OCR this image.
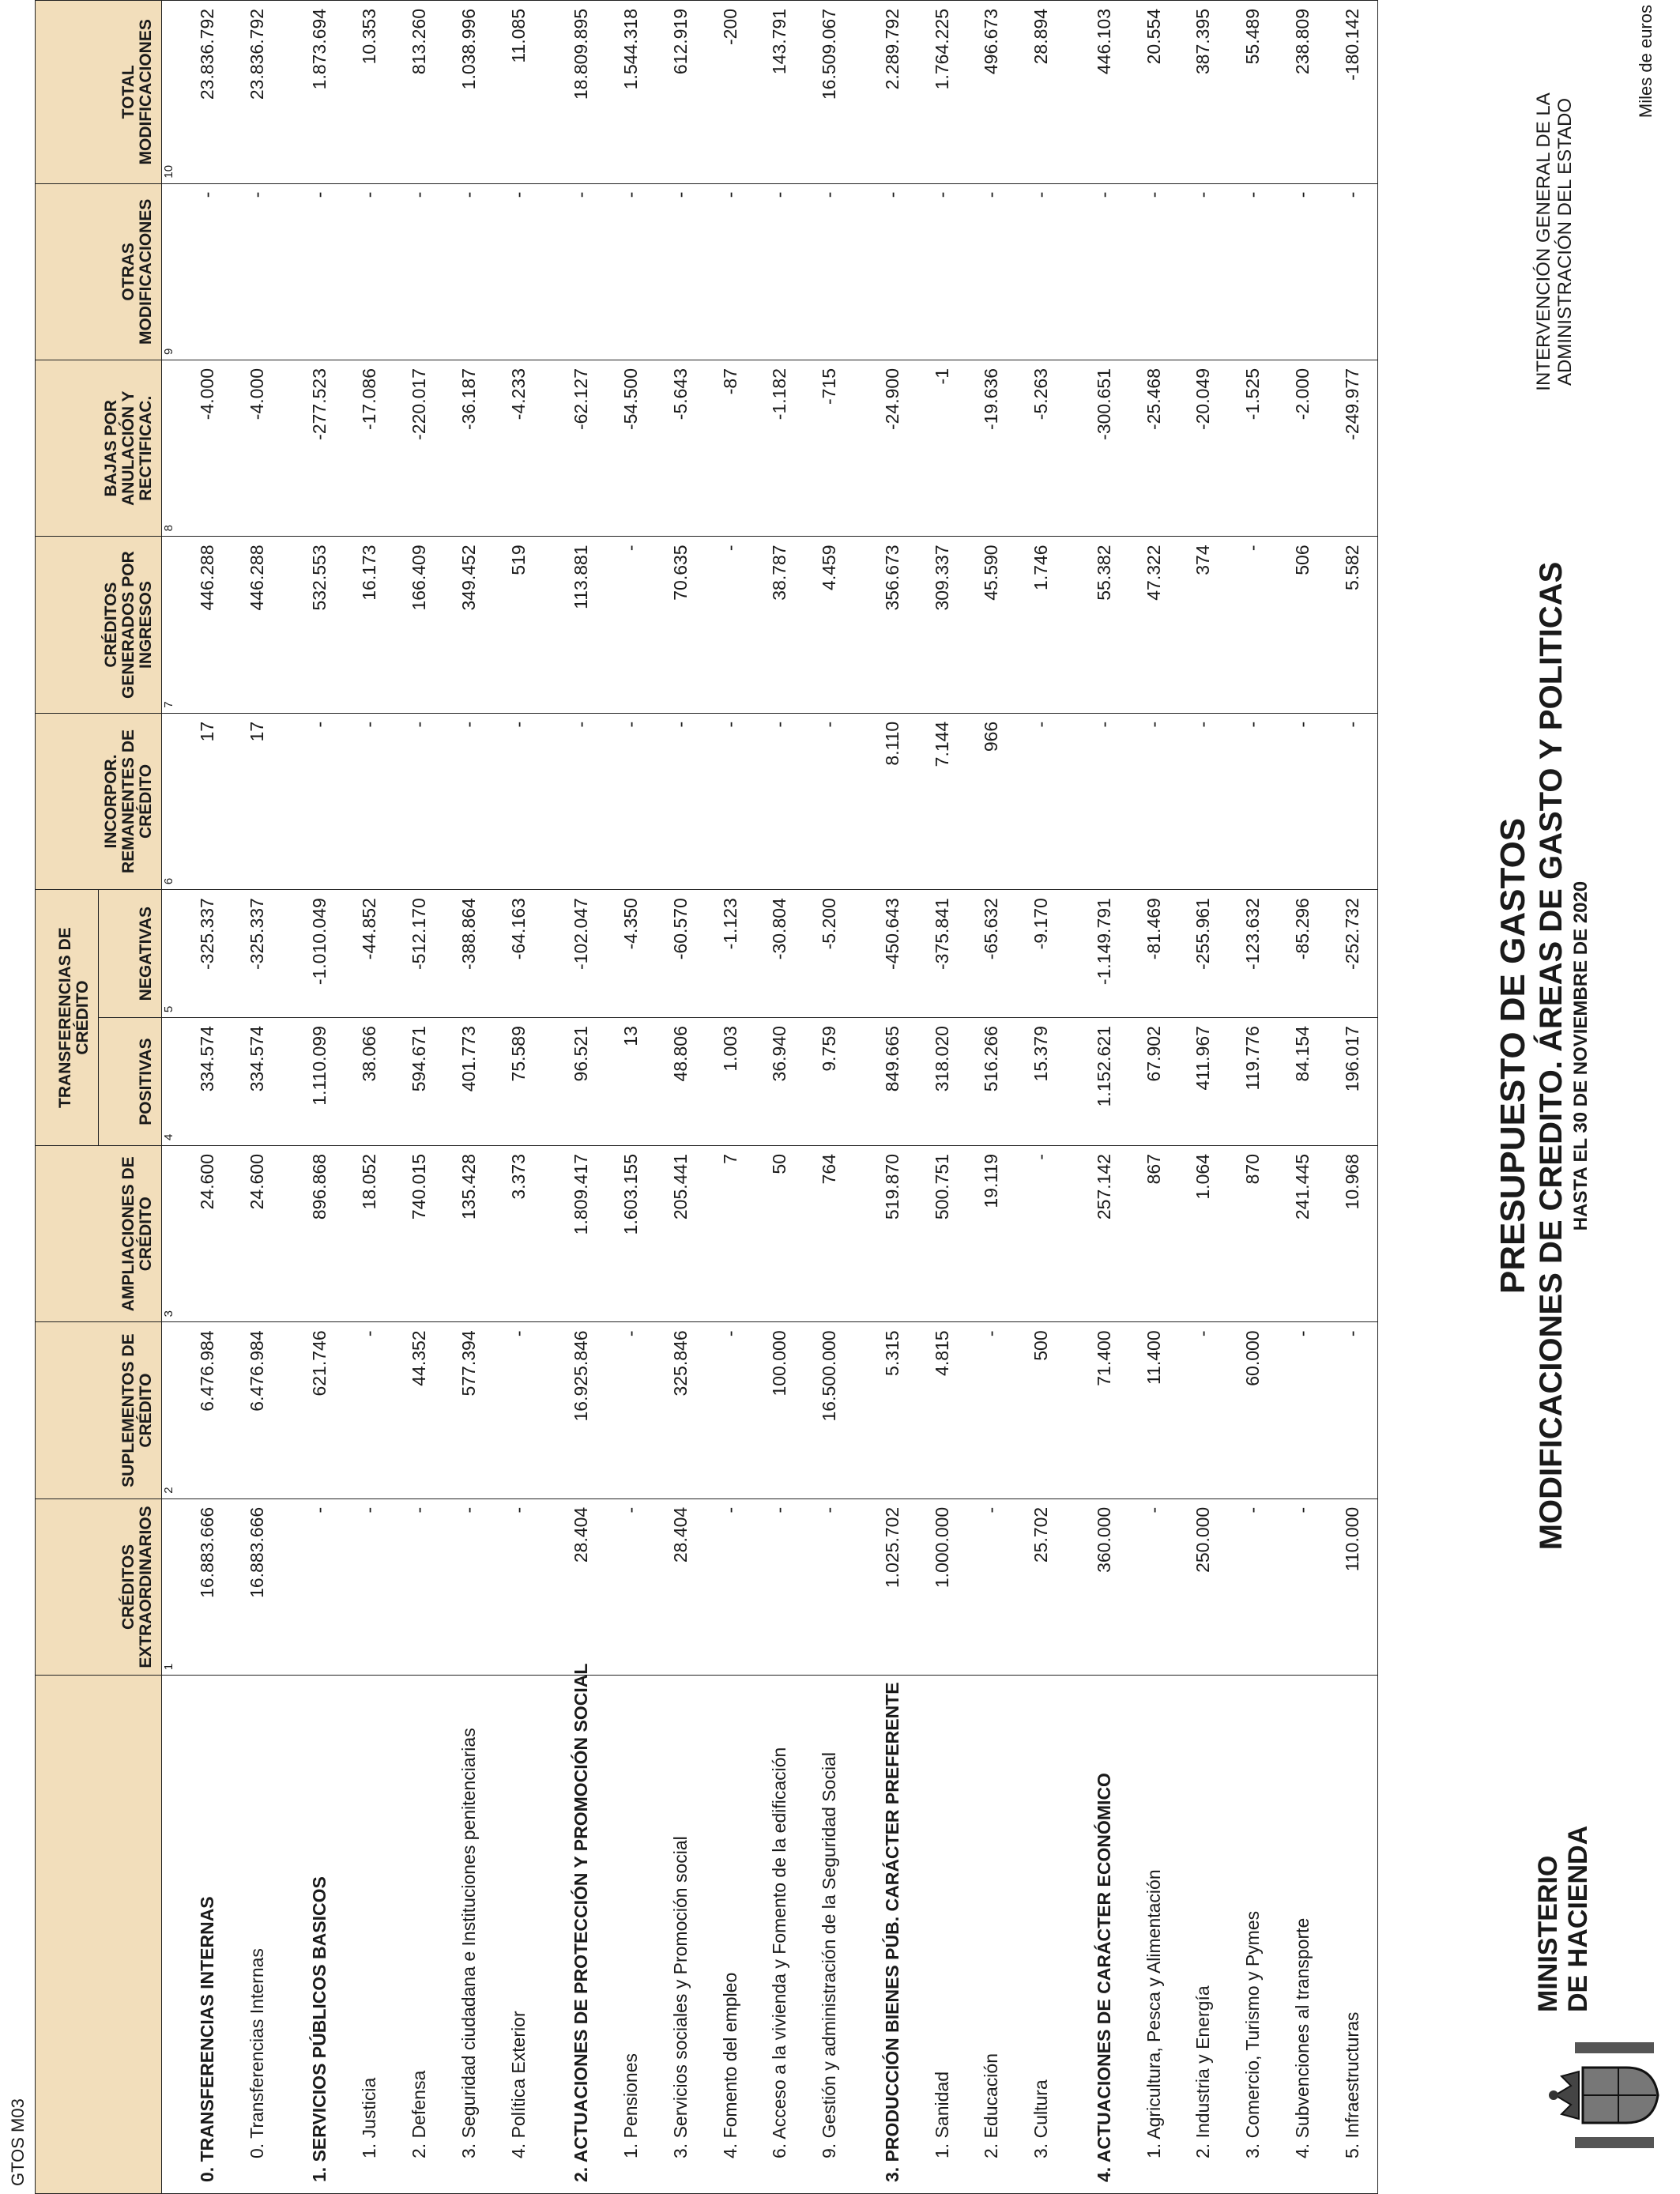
GTOS M03
	CRÉDITOS EXTRAORDINARIOS	SUPLEMENTOS DE CRÉDITO	AMPLIACIONES DE CRÉDITO	TRANSFERENCIAS DE CRÉDITO		INCORPOR. REMANENTES DE CRÉDITO	CRÉDITOS GENERADOS POR INGRESOS	BAJAS POR ANULACIÓN Y RECTIFICAC.	OTRAS MODIFICACIONES	TOTAL MODIFICACIONES
				POSITIVAS	NEGATIVAS					
	1	2	3	4	5	6	7	8	9	10
0. TRANSFERENCIAS INTERNAS	16.883.666	6.476.984	24.600	334.574	-325.337	17	446.288	-4.000	-	23.836.792
0. Transferencias Internas	16.883.666	6.476.984	24.600	334.574	-325.337	17	446.288	-4.000	-	23.836.792

1. SERVICIOS PÚBLICOS BASICOS	-	621.746	896.868	1.110.099	-1.010.049	-	532.553	-277.523	-	1.873.694
1. Justicia	-	-	18.052	38.066	-44.852	-	16.173	-17.086	-	10.353
2. Defensa	-	44.352	740.015	594.671	-512.170	-	166.409	-220.017	-	813.260
3. Seguridad ciudadana e Instituciones penitenciarias	-	577.394	135.428	401.773	-388.864	-	349.452	-36.187	-	1.038.996
4. Política Exterior	-	-	3.373	75.589	-64.163	-	519	-4.233	-	11.085

2. ACTUACIONES DE PROTECCIÓN Y PROMOCIÓN SOCIAL	28.404	16.925.846	1.809.417	96.521	-102.047	-	113.881	-62.127	-	18.809.895
1. Pensiones	-	-	1.603.155	13	-4.350	-	-	-54.500	-	1.544.318
3. Servicios sociales y Promoción social	28.404	325.846	205.441	48.806	-60.570	-	70.635	-5.643	-	612.919
4. Fomento del empleo	-	-	7	1.003	-1.123	-	-	-87	-	-200
6. Acceso a la vivienda y Fomento de la edificación	-	100.000	50	36.940	-30.804	-	38.787	-1.182	-	143.791
9. Gestión y administración de la Seguridad Social	-	16.500.000	764	9.759	-5.200	-	4.459	-715	-	16.509.067

3. PRODUCCIÓN BIENES PÚB. CARÁCTER PREFERENTE	1.025.702	5.315	519.870	849.665	-450.643	8.110	356.673	-24.900	-	2.289.792
1. Sanidad	1.000.000	4.815	500.751	318.020	-375.841	7.144	309.337	-1	-	1.764.225
2. Educación	-	-	19.119	516.266	-65.632	966	45.590	-19.636	-	496.673
3. Cultura	25.702	500	-	15.379	-9.170	-	1.746	-5.263	-	28.894

4. ACTUACIONES DE CARÁCTER ECONÓMICO	360.000	71.400	257.142	1.152.621	-1.149.791	-	55.382	-300.651	-	446.103
1. Agricultura, Pesca y Alimentación	-	11.400	867	67.902	-81.469	-	47.322	-25.468	-	20.554
2. Industria y Energía	250.000	-	1.064	411.967	-255.961	-	374	-20.049	-	387.395
3. Comercio, Turismo y Pymes	-	60.000	870	119.776	-123.632	-	-	-1.525	-	55.489
4. Subvenciones al transporte	-	-	241.445	84.154	-85.296	-	506	-2.000	-	238.809
5. Infraestructuras	110.000	-	10.968	196.017	-252.732	-	5.582	-249.977	-	-180.142
MINISTERIO DE HACIENDA
PRESUPUESTO DE GASTOS MODIFICACIONES DE CREDITO. ÁREAS DE GASTO Y POLITICAS HASTA EL 30 DE NOVIEMBRE DE 2020
INTERVENCIÓN GENERAL DE LA ADMINISTRACIÓN DEL ESTADO
Miles de euros
